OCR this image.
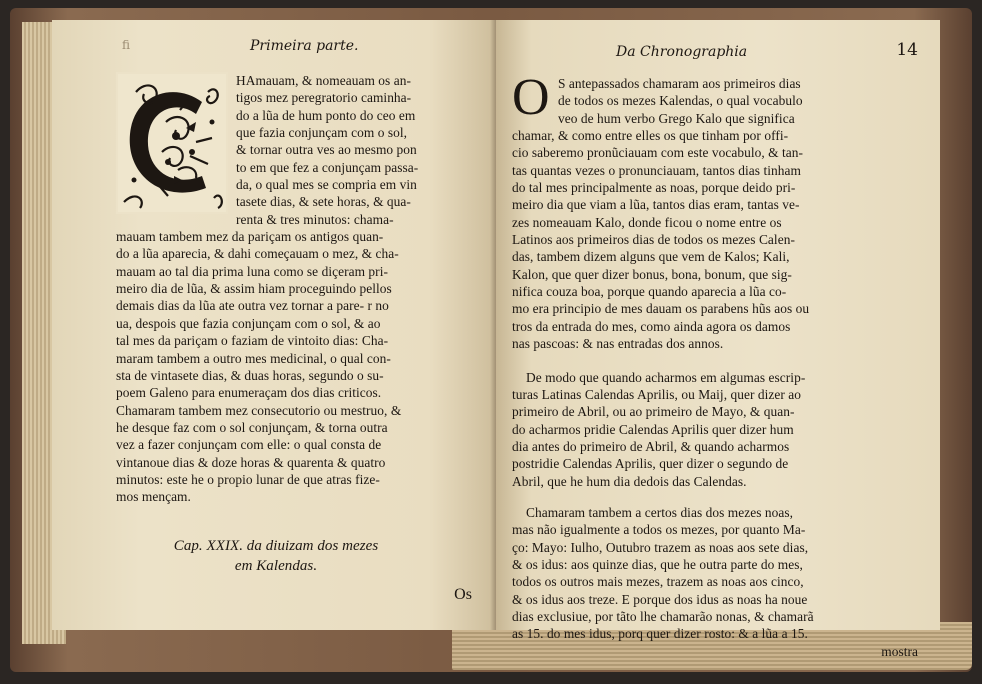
fi	Primeira parte.
HAmauam, & nomeauam os an-
tigos mez peregratorio caminha-
do a lũa de hum ponto do ceo em
que fazia conjunçam com o sol,
& tornar outra ves ao mesmo pon
to em que fez a conjunçam passa-
da, o qual mes se compria em vin
tasete dias, & sete horas, & qua-
renta & tres minutos: chama-
mauam tambem mez da pariçam os antigos quan-
do a lũa aparecia, & dahi começauam o mez, & cha-
mauam ao tal dia prima luna como se diçeram pri-
meiro dia de lũa, & assim hiam proceguindo pellos
demais dias da lũa ate outra vez tornar a pare- r no
ua, despois que fazia conjunçam com o sol, & ao
tal mes da pariçam o faziam de vintoito dias: Cha-
maram tambem a outro mes medicinal, o qual con-
sta de vintasete dias, & duas horas, segundo o su-
poem Galeno para enumeraçam dos dias criticos.
Chamaram tambem mez consecutorio ou mestruo, &
he desque faz com o sol conjunçam, & torna outra
vez a fazer conjunçam com elle: o qual consta de
vintanoue dias & doze horas & quarenta & quatro
minutos: este he o propio lunar de que atras fize-
mos mençam.
Cap. XXIX. da diuizam dos mezes
em Kalendas.
Os
Da Chronographia	14
O S antepassados chamaram aos primeiros dias
de todos os mezes Kalendas, o qual vocabulo
veo de hum verbo Grego Kalo que significa
chamar, & como entre elles os que tinham por offi-
cio saberemo pronũciauam com este vocabulo, & tan-
tas quantas vezes o pronunciauam, tantos dias tinham
do tal mes principalmente as noas, porque deido pri-
meiro dia que viam a lũa, tantos dias eram, tantas ve-
zes nomeauam Kalo, donde ficou o nome entre os
Latinos aos primeiros dias de todos os mezes Calen-
das, tambem dizem alguns que vem de Kalos; Kali,
Kalon, que quer dizer bonus, bona, bonum, que sig-
nifica couza boa, porque quando aparecia a lũa co-
mo era principio de mes dauam os parabens hũs aos ou
tros da entrada do mes, como ainda agora os damos
nas pascoas: & nas entradas dos annos.
De modo que quando acharmos em algumas escrip-
turas Latinas Calendas Aprilis, ou Maij, quer dizer ao
primeiro de Abril, ou ao primeiro de Mayo, & quan-
do acharmos pridie Calendas Aprilis quer dizer hum
dia antes do primeiro de Abril, & quando acharmos
postridie Calendas Aprilis, quer dizer o segundo de
Abril, que he hum dia dedois das Calendas.
Chamaram tambem a certos dias dos mezes noas,
mas não igualmente a todos os mezes, por quanto Ma-
ço: Mayo: Iulho, Outubro trazem as noas aos sete dias,
& os idus: aos quinze dias, que he outra parte do mes,
todos os outros mais mezes, trazem as noas aos cinco,
& os idus aos treze. E porque dos idus as noas ha noue
dias exclusiue, por tãto lhe chamarão nonas, & chamarã
as 15. do mes idus, porq quer dizer rosto: & a lũa a 15.
mostra
